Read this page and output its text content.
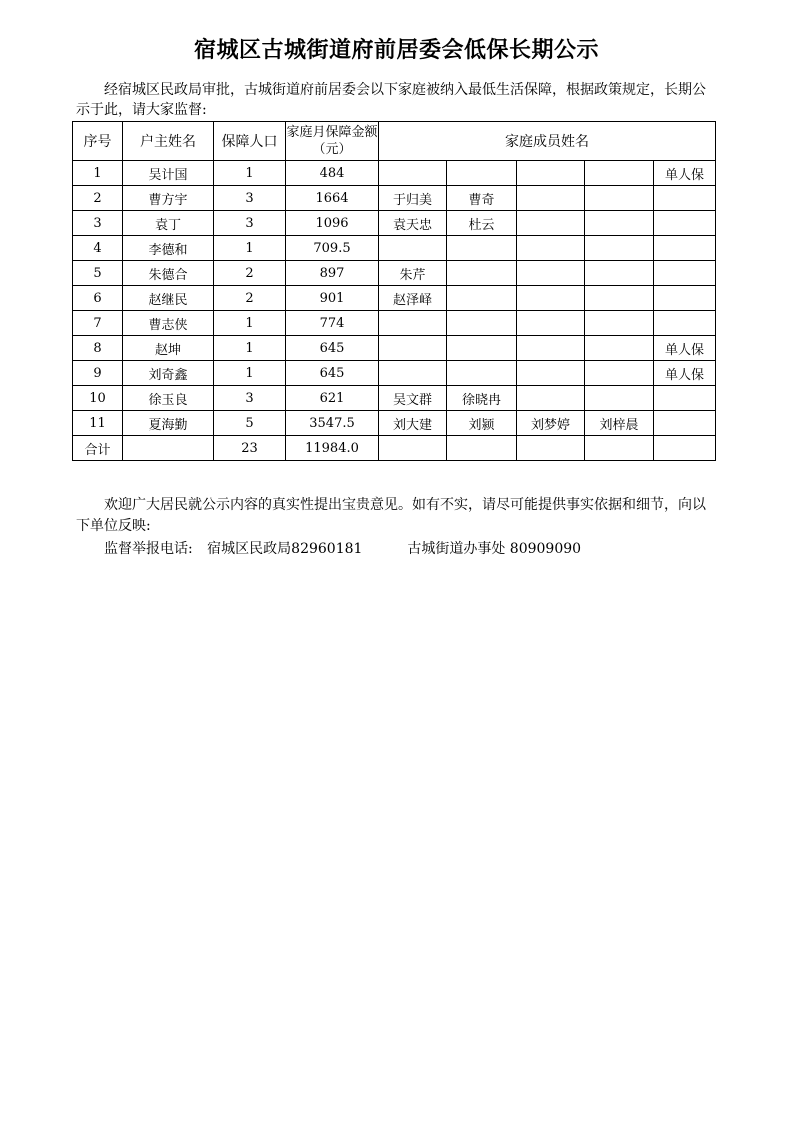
宿城区古城街道府前居委会低保长期公示
经宿城区民政局审批，古城街道府前居委会以下家庭被纳入最低生活保障，根据政策规定，长期公示于此，请大家监督:
序号	户主姓名	保障人口	家庭月保障金额（元）	家庭成员姓名				
1	吴计国	1	484					单人保
2	曹方宇	3	1664	于归美	曹奇			
3	袁丁	3	1096	袁天忠	杜云			
4	李德和	1	709.5					
5	朱德合	2	897	朱芹				
6	赵继民	2	901	赵泽峄				
7	曹志侠	1	774					
8	赵坤	1	645					单人保
9	刘奇鑫	1	645					单人保
10	徐玉良	3	621	吴文群	徐晓冉			
11	夏海勤	5	3547.5	刘大建	刘颍	刘梦婷	刘梓晨	
合计		23	11984.0					
欢迎广大居民就公示内容的真实性提出宝贵意见。如有不实，请尽可能提供事实依据和细节，向以下单位反映:
监督举报电话: 宿城区民政局82960181	古城街道办事处 80909090
